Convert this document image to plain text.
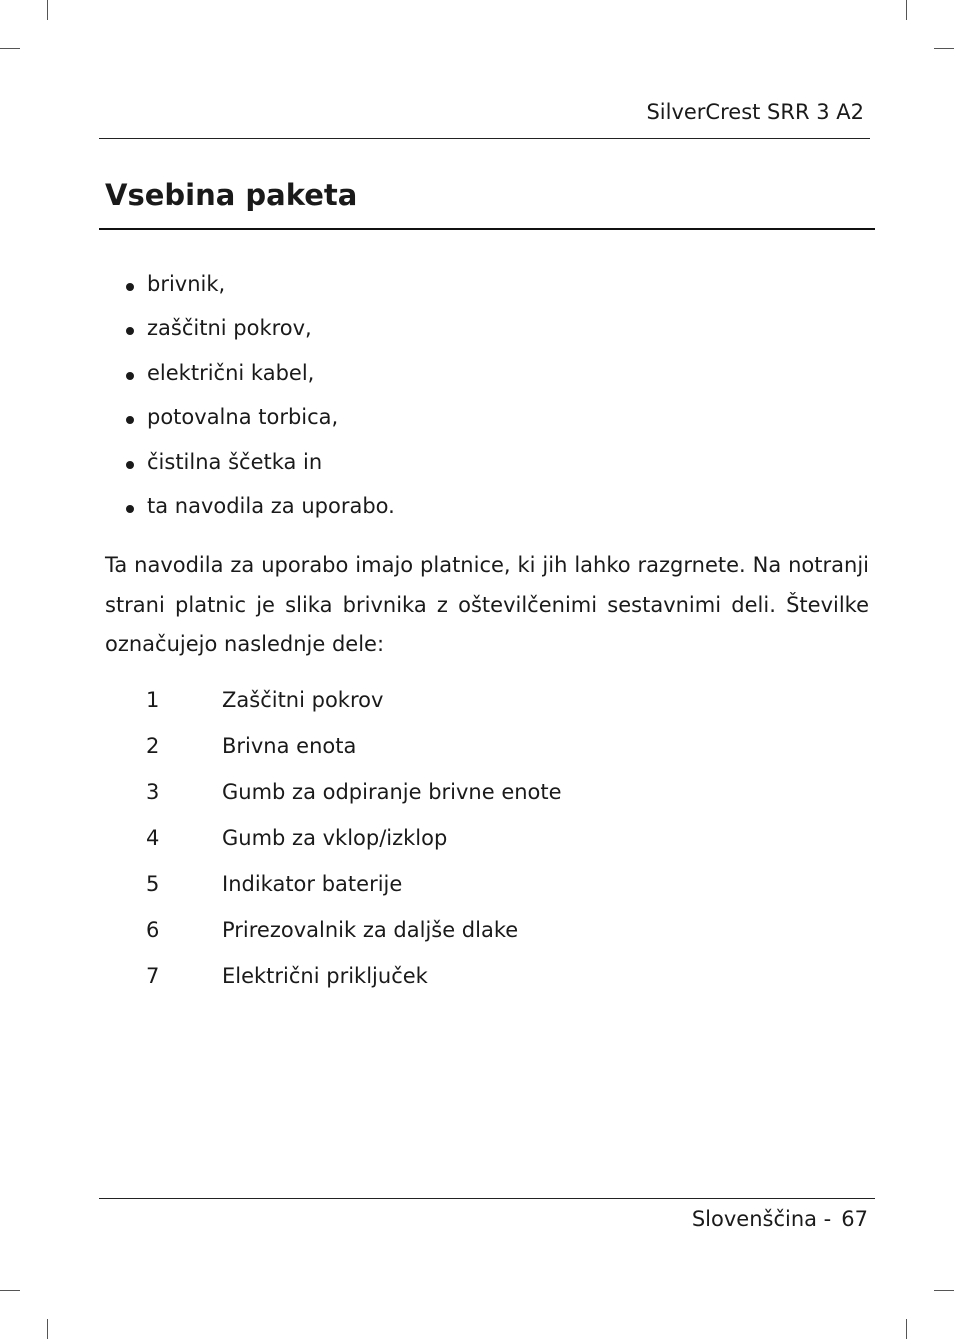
SilverCrest SRR 3 A2
Vsebina paketa
brivnik,
zaščitni pokrov,
električni kabel,
potovalna torbica,
čistilna ščetka in
ta navodila za uporabo.

Ta navodila za uporabo imajo platnice, ki jih lahko razgrnete. Na notranji strani platnic je slika brivnika z oštevilčenimi sestavnimi deli. Številke označujejo naslednje dele:

1	Zaščitni pokrov
2	Brivna enota
3	Gumb za odpiranje brivne enote
4	Gumb za vklop/izklop
5	Indikator baterije
6	Prirezovalnik za daljše dlake
7	Električni priključek
Slovenščina - 67
